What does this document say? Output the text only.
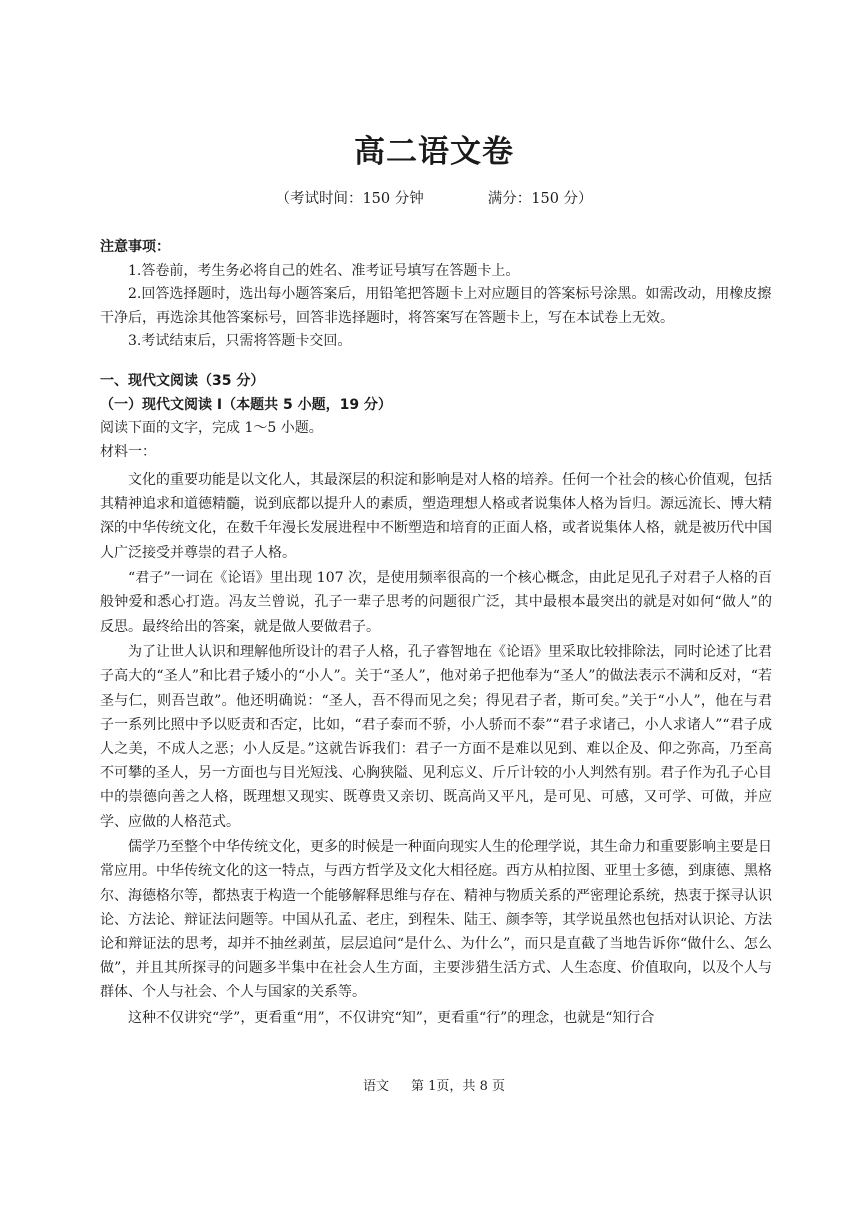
高二语文卷
（考试时间：150 分钟	满分：150 分）
注意事项：
1.答卷前，考生务必将自己的姓名、准考证号填写在答题卡上。
2.回答选择题时，选出每小题答案后，用铅笔把答题卡上对应题目的答案标号涂黑。如需改动，用橡皮擦干净后，再选涂其他答案标号，回答非选择题时，将答案写在答题卡上，写在本试卷上无效。
3.考试结束后，只需将答题卡交回。
一、现代文阅读（35 分）
（一）现代文阅读 I（本题共 5 小题，19 分）
阅读下面的文字，完成 1～5 小题。
材料一：

文化的重要功能是以文化人，其最深层的积淀和影响是对人格的培养。任何一个社会的核心价值观，包括其精神追求和道德精髓，说到底都以提升人的素质，塑造理想人格或者说集体人格为旨归。源远流长、博大精深的中华传统文化，在数千年漫长发展进程中不断塑造和培育的正面人格，或者说集体人格，就是被历代中国人广泛接受并尊崇的君子人格。

“君子”一词在《论语》里出现 107 次，是使用频率很高的一个核心概念，由此足见孔子对君子人格的百般钟爱和悉心打造。冯友兰曾说，孔子一辈子思考的问题很广泛，其中最根本最突出的就是对如何“做人”的反思。最终给出的答案，就是做人要做君子。

为了让世人认识和理解他所设计的君子人格，孔子睿智地在《论语》里采取比较排除法，同时论述了比君子高大的“圣人”和比君子矮小的“小人”。关于“圣人”，他对弟子把他奉为“圣人”的做法表示不满和反对，“若圣与仁，则吾岂敢”。他还明确说：“圣人，吾不得而见之矣；得见君子者，斯可矣。”关于“小人”，他在与君子一系列比照中予以贬责和否定，比如，“君子泰而不骄，小人骄而不泰”“君子求诸己，小人求诸人”“君子成人之美，不成人之恶；小人反是。”这就告诉我们：君子一方面不是难以见到、难以企及、仰之弥高，乃至高不可攀的圣人，另一方面也与目光短浅、心胸狭隘、见利忘义、斤斤计较的小人判然有别。君子作为孔子心目中的崇德向善之人格，既理想又现实、既尊贵又亲切、既高尚又平凡，是可见、可感，又可学、可做，并应学、应做的人格范式。

儒学乃至整个中华传统文化，更多的时候是一种面向现实人生的伦理学说，其生命力和重要影响主要是日常应用。中华传统文化的这一特点，与西方哲学及文化大相径庭。西方从柏拉图、亚里士多德，到康德、黑格尔、海德格尔等，都热衷于构造一个能够解释思维与存在、精神与物质关系的严密理论系统，热衷于探寻认识论、方法论、辩证法问题等。中国从孔孟、老庄，到程朱、陆王、颜李等，其学说虽然也包括对认识论、方法论和辩证法的思考，却并不抽丝剥茧，层层追问“是什么、为什么”，而只是直截了当地告诉你“做什么、怎么做”，并且其所探寻的问题多半集中在社会人生方面，主要涉猎生活方式、人生态度、价值取向，以及个人与群体、个人与社会、个人与国家的关系等。

这种不仅讲究“学”，更看重“用”，不仅讲究“知”，更看重“行”的理念，也就是“知行合

语文 第 1页，共 8 页
